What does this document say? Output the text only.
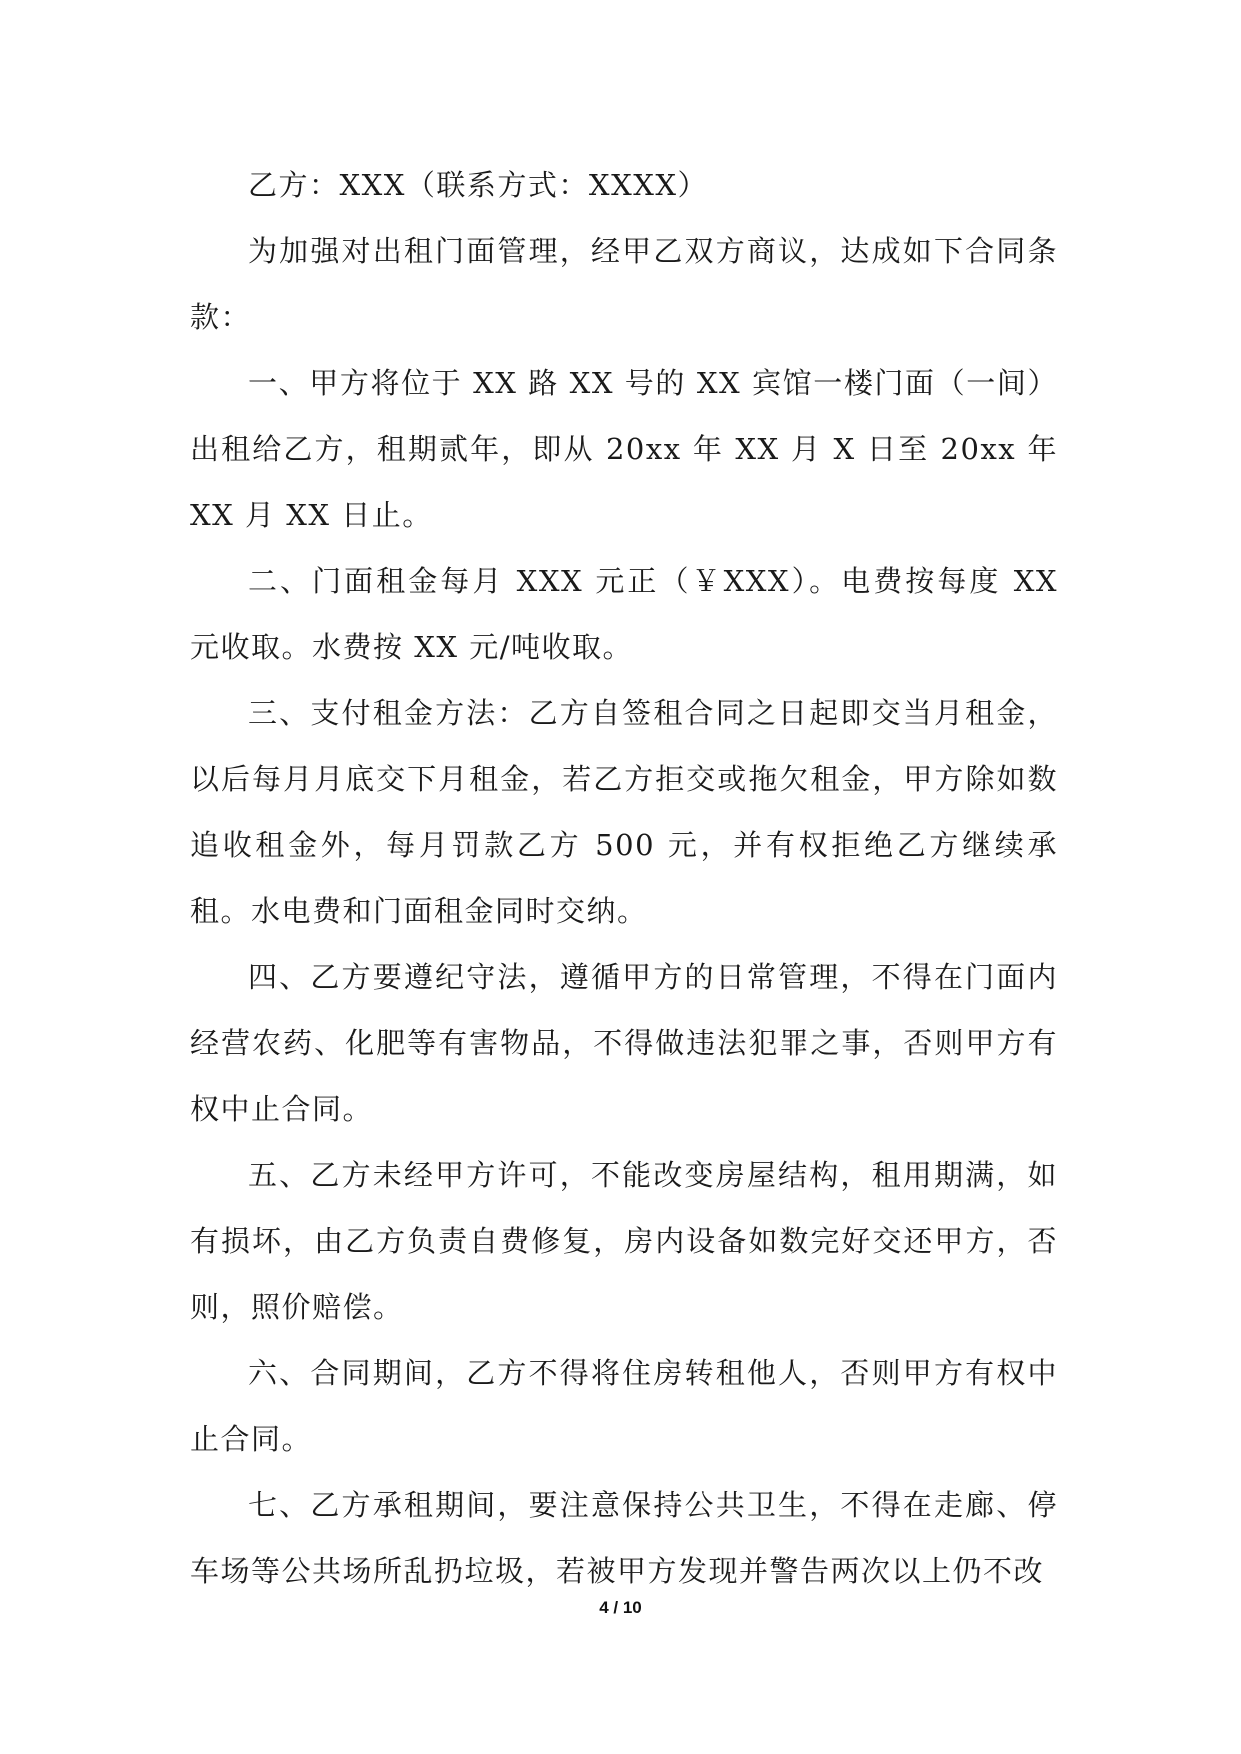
乙方：XXX（联系方式：XXXX）

为加强对出租门面管理，经甲乙双方商议，达成如下合同条款：

一、甲方将位于 XX 路 XX 号的 XX 宾馆一楼门面（一间）出租给乙方，租期贰年，即从 20xx 年 XX 月 X 日至 20xx 年 XX 月 XX 日止。

二、门面租金每月 XXX 元正（￥XXX）。电费按每度 XX 元收取。水费按 XX 元/吨收取。

三、支付租金方法：乙方自签租合同之日起即交当月租金，以后每月月底交下月租金，若乙方拒交或拖欠租金，甲方除如数追收租金外，每月罚款乙方 500 元，并有权拒绝乙方继续承租。水电费和门面租金同时交纳。

四、乙方要遵纪守法，遵循甲方的日常管理，不得在门面内经营农药、化肥等有害物品，不得做违法犯罪之事，否则甲方有权中止合同。

五、乙方未经甲方许可，不能改变房屋结构，租用期满，如有损坏，由乙方负责自费修复，房内设备如数完好交还甲方，否则，照价赔偿。

六、合同期间，乙方不得将住房转租他人，否则甲方有权中止合同。

七、乙方承租期间，要注意保持公共卫生，不得在走廊、停车场等公共场所乱扔垃圾，若被甲方发现并警告两次以上仍不改

4 / 10
